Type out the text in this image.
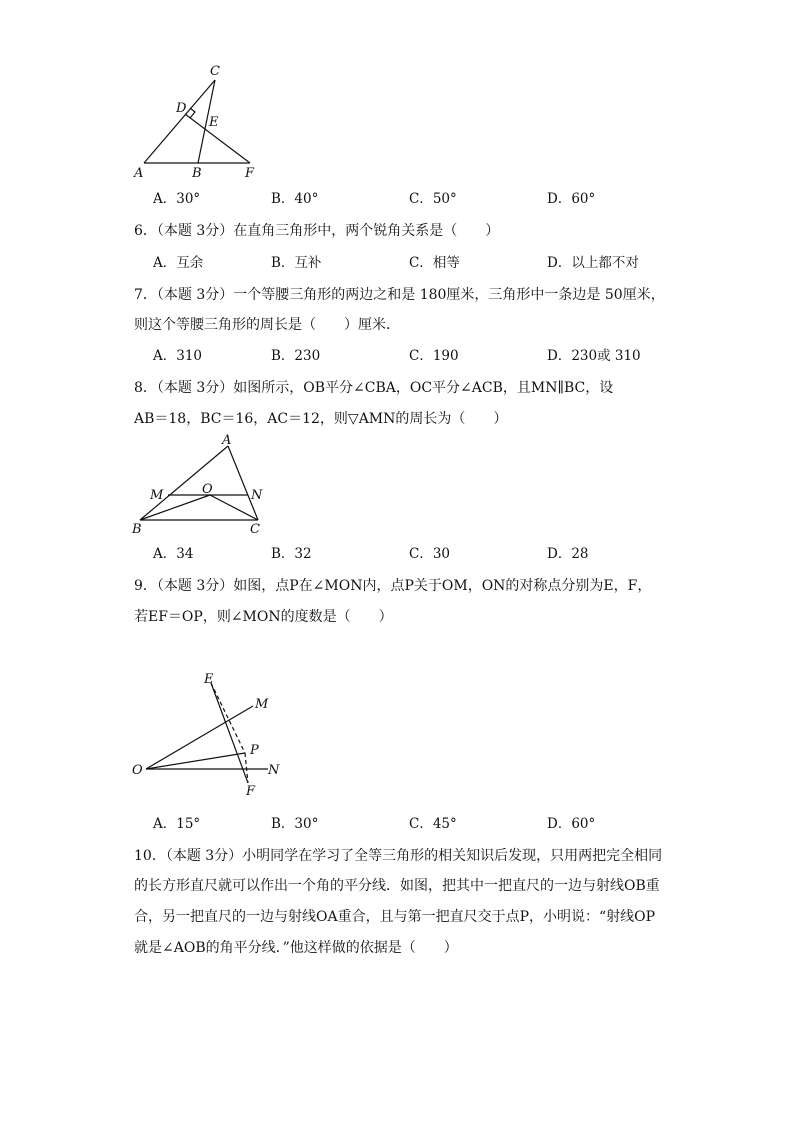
C
D
E
A	B	F
A．30°	B．40°	C．50°	D．60°
6．（本题 3分）在直角三角形中，两个锐角关系是（　　）
A．互余	B．互补	C．相等	D．以上都不对
7．（本题 3分）一个等腰三角形的两边之和是 180厘米，三角形中一条边是 50厘米，
则这个等腰三角形的周长是（　　）厘米．
A．310	B．230	C．190	D．230或 310
8．（本题 3分）如图所示，OB平分∠CBA，OC平分∠ACB，且MN∥BC，设
AB＝18，BC＝16，AC＝12，则▽AMN的周长为（　　）
A
M	O	N
B	C
A．34	B．32	C．30	D．28
9．（本题 3分）如图，点P在∠MON内，点P关于OM，ON的对称点分别为E，F，
若EF＝OP，则∠MON的度数是（　　）
E
M
P
O	N
F
A．15°	B．30°	C．45°	D．60°
10．（本题 3分）小明同学在学习了全等三角形的相关知识后发现，只用两把完全相同
的长方形直尺就可以作出一个角的平分线．如图，把其中一把直尺的一边与射线OB重
合，另一把直尺的一边与射线OA重合，且与第一把直尺交于点P，小明说：“射线OP
就是∠AOB的角平分线．”他这样做的依据是（　　）
